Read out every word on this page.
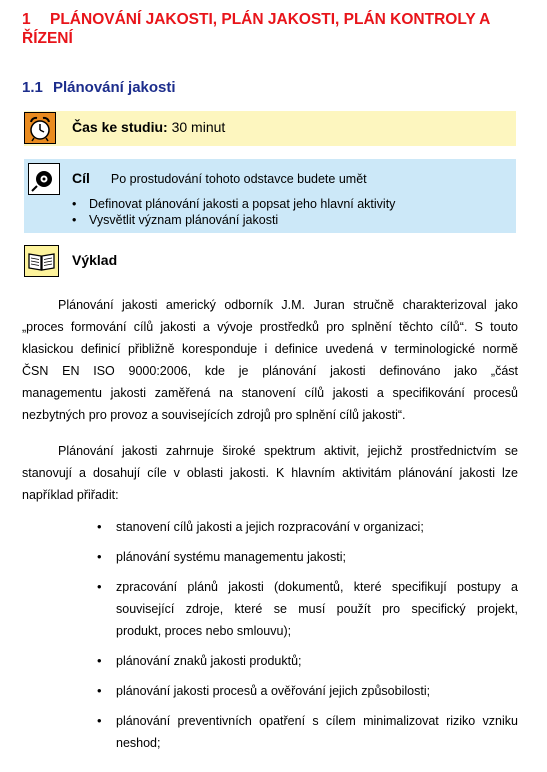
1 PLÁNOVÁNÍ JAKOSTI, PLÁN JAKOSTI, PLÁN KONTROLY A ŘÍZENÍ
1.1 Plánování jakosti
Čas ke studiu: 30 minut
Cíl Po prostudování tohoto odstavce budete umět
• Definovat plánování jakosti a popsat jeho hlavní aktivity
• Vysvětlit význam plánování jakosti
Výklad
Plánování jakosti americký odborník J.M. Juran stručně charakterizoval jako
„proces formování cílů jakosti a vývoje prostředků pro splnění těchto cílů“. S touto
klasickou definicí přibližně koresponduje i definice uvedená v terminologické normě
ČSN EN ISO 9000:2006, kde je plánování jakosti definováno jako „část
managementu jakosti zaměřená na stanovení cílů jakosti a specifikování procesů
nezbytných pro provoz a souvisejících zdrojů pro splnění cílů jakosti“.
Plánování jakosti zahrnuje široké spektrum aktivit, jejichž prostřednictvím se
stanovují a dosahují cíle v oblasti jakosti. K hlavním aktivitám plánování jakosti lze
například přiřadit:
• stanovení cílů jakosti a jejich rozpracování v organizaci;
• plánování systému managementu jakosti;
• zpracování plánů jakosti (dokumentů, které specifikují postupy a
související zdroje, které se musí použít pro specifický projekt,
produkt, proces nebo smlouvu);
• plánování znaků jakosti produktů;
• plánování jakosti procesů a ověřování jejich způsobilosti;
• plánování preventivních opatření s cílem minimalizovat riziko vzniku
neshod;
